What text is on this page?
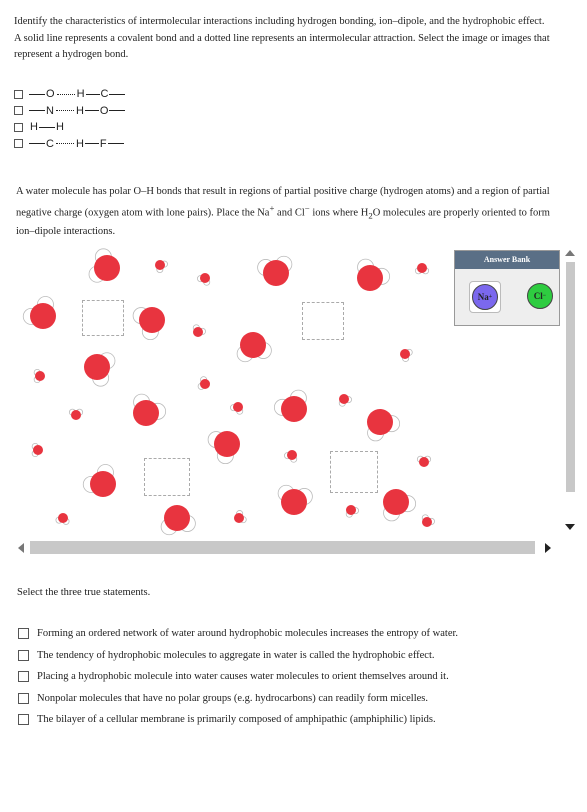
Identify the characteristics of intermolecular interactions including hydrogen bonding, ion–dipole, and the hydrophobic effect.

A solid line represents a covalent bond and a dotted line represents an intermolecular attraction. Select the image or images that represent a hydrogen bond.

O H C
N H O
H H
C H F
A water molecule has polar O–H bonds that result in regions of partial positive charge (hydrogen atoms) and a region of partial negative charge (oxygen atom with lone pairs). Place the Na+ and Cl− ions where $H_2O$ molecules are properly oriented to form ion–dipole interactions.
Answer Bank
Na +	Cl −
Select the three true statements.
Forming an ordered network of water around hydrophobic molecules increases the entropy of water.
The tendency of hydrophobic molecules to aggregate in water is called the hydrophobic effect.
Placing a hydrophobic molecule into water causes water molecules to orient themselves around it.
Nonpolar molecules that have no polar groups (e.g. hydrocarbons) can readily form micelles.
The bilayer of a cellular membrane is primarily composed of amphipathic (amphiphilic) lipids.
